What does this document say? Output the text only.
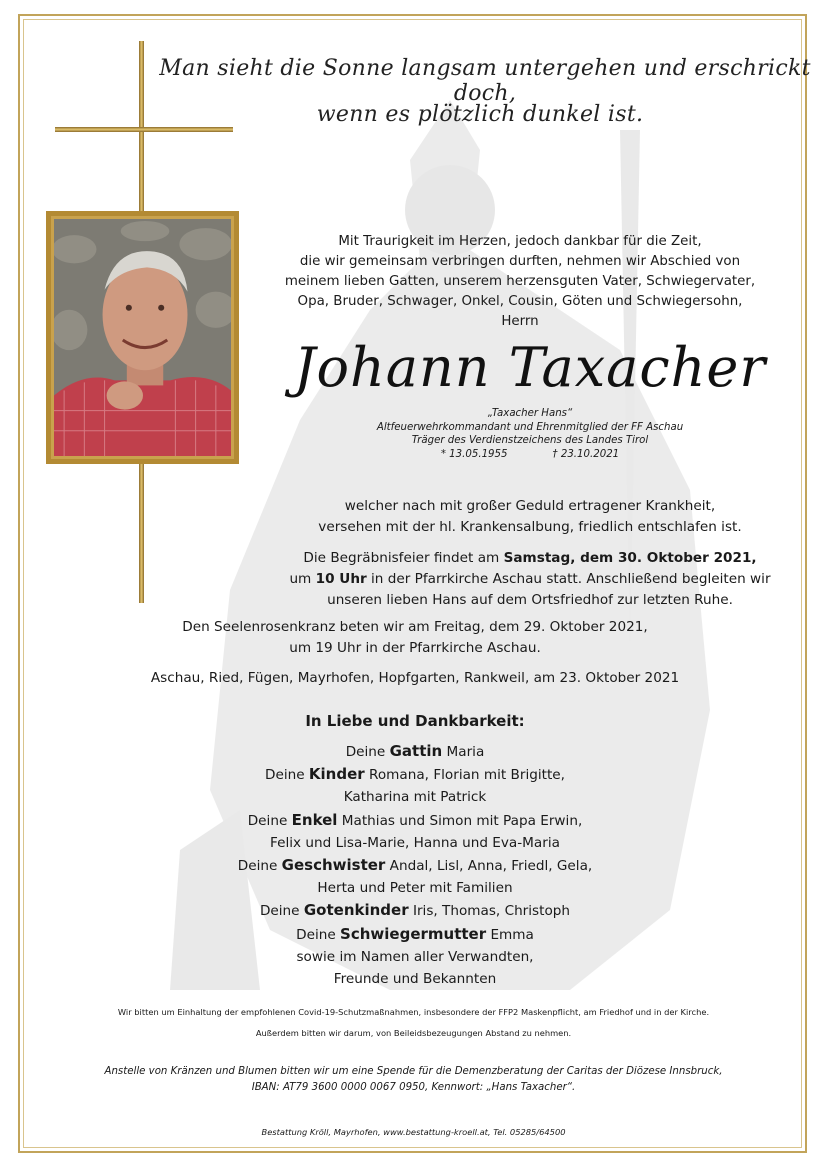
Man sieht die Sonne langsam untergehen und erschrickt doch,
wenn es plötzlich dunkel ist.
Mit Traurigkeit im Herzen, jedoch dankbar für die Zeit,
die wir gemeinsam verbringen durften, nehmen wir Abschied von
meinem lieben Gatten, unserem herzensguten Vater, Schwiegervater,
Opa, Bruder, Schwager, Onkel, Cousin, Göten und Schwiegersohn,
Herrn
Johann Taxacher
„Taxacher Hans“
Altfeuerwehrkommandant und Ehrenmitglied der FF Aschau
Träger des Verdienstzeichens des Landes Tirol
* 13.05.1955	† 23.10.2021
welcher nach mit großer Geduld ertragener Krankheit,
versehen mit der hl. Krankensalbung, friedlich entschlafen ist.
Die Begräbnisfeier findet am Samstag, dem 30. Oktober 2021,
um 10 Uhr in der Pfarrkirche Aschau statt. Anschließend begleiten wir
unseren lieben Hans auf dem Ortsfriedhof zur letzten Ruhe.
Den Seelenrosenkranz beten wir am Freitag, dem 29. Oktober 2021,
um 19 Uhr in der Pfarrkirche Aschau.
Aschau, Ried, Fügen, Mayrhofen, Hopfgarten, Rankweil, am 23. Oktober 2021
In Liebe und Dankbarkeit:
Deine Gattin Maria
Deine Kinder Romana, Florian mit Brigitte,
Katharina mit Patrick
Deine Enkel Mathias und Simon mit Papa Erwin,
Felix und Lisa-Marie, Hanna und Eva-Maria
Deine Geschwister Andal, Lisl, Anna, Friedl, Gela,
Herta und Peter mit Familien
Deine Gotenkinder Iris, Thomas, Christoph
Deine Schwiegermutter Emma
sowie im Namen aller Verwandten,
Freunde und Bekannten
Wir bitten um Einhaltung der empfohlenen Covid-19-Schutzmaßnahmen, insbesondere der FFP2 Maskenpflicht, am Friedhof und in der Kirche.
Außerdem bitten wir darum, von Beileidsbezeugungen Abstand zu nehmen.
Anstelle von Kränzen und Blumen bitten wir um eine Spende für die Demenzberatung der Caritas der Diözese Innsbruck,
IBAN: AT79 3600 0000 0067 0950, Kennwort: „Hans Taxacher“.
Bestattung Kröll, Mayrhofen, www.bestattung-kroell.at, Tel. 05285/64500
